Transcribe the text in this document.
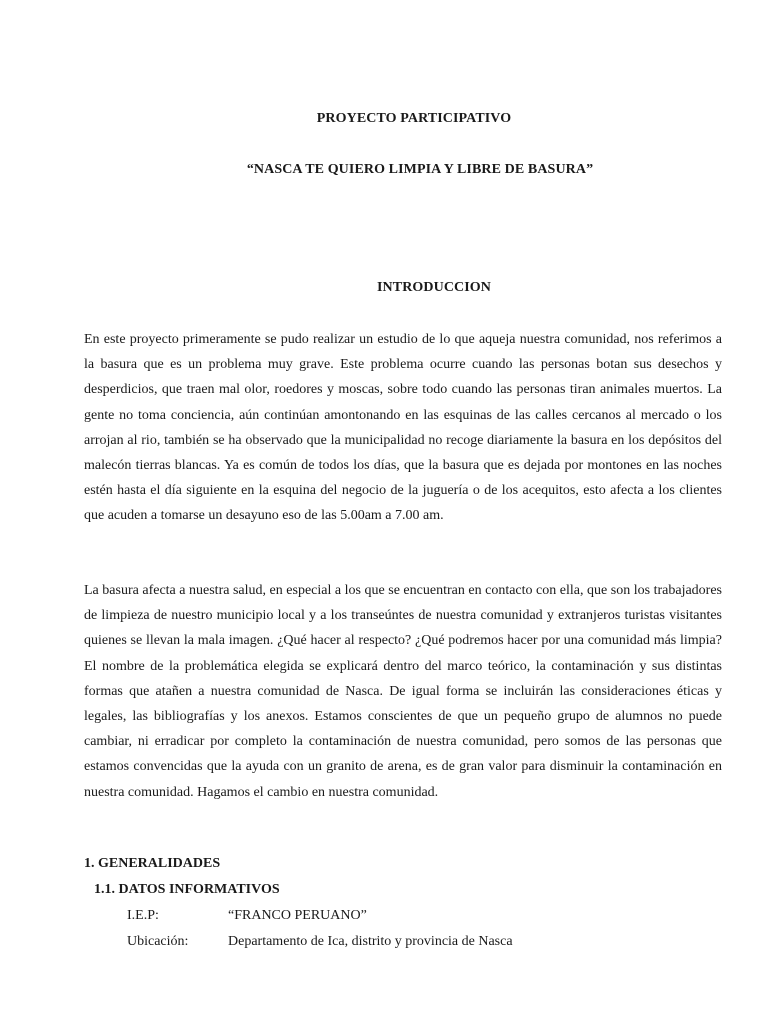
PROYECTO PARTICIPATIVO
“NASCA TE QUIERO LIMPIA Y LIBRE DE BASURA”
INTRODUCCION

En este proyecto primeramente se pudo realizar un estudio de lo que aqueja nuestra comunidad, nos referimos a la basura que es un problema muy grave. Este problema ocurre cuando las personas botan sus desechos y desperdicios, que traen mal olor, roedores y moscas, sobre todo cuando las personas tiran animales muertos. La gente no toma conciencia, aún continúan amontonando en las esquinas de las calles cercanos al mercado o los arrojan al rio, también se ha observado que la municipalidad no recoge diariamente la basura en los depósitos del malecón tierras blancas. Ya es común de todos los días, que la basura que es dejada por montones en las noches estén hasta el día siguiente en la esquina del negocio de la juguería o de los acequitos, esto afecta a los clientes que acuden a tomarse un desayuno eso de las 5.00am a 7.00 am.

La basura afecta a nuestra salud, en especial a los que se encuentran en contacto con ella, que son los trabajadores de limpieza de nuestro municipio local y a los transeúntes de nuestra comunidad y extranjeros turistas visitantes quienes se llevan la mala imagen. ¿Qué hacer al respecto? ¿Qué podremos hacer por una comunidad más limpia? El nombre de la problemática elegida se explicará dentro del marco teórico, la contaminación y sus distintas formas que atañen a nuestra comunidad de Nasca. De igual forma se incluirán las consideraciones éticas y legales, las bibliografías y los anexos. Estamos conscientes de que un pequeño grupo de alumnos no puede cambiar, ni erradicar por completo la contaminación de nuestra comunidad, pero somos de las personas que estamos convencidas que la ayuda con un granito de arena, es de gran valor para disminuir la contaminación en nuestra comunidad. Hagamos el cambio en nuestra comunidad.

1. GENERALIDADES
1.1. DATOS INFORMATIVOS
I.E.P:	“FRANCO PERUANO”
Ubicación:	Departamento de Ica, distrito y provincia de Nasca
